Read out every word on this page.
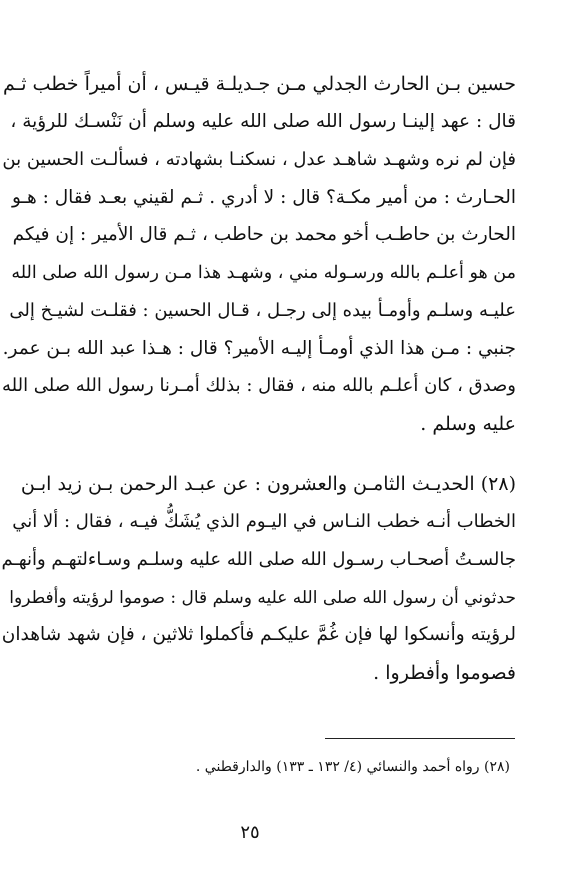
حسين بـن الحارث الجدلي مـن جـديلـة قيـس ، أن أميراً خطب ثـم
قال : عهد إلينـا رسول الله صلى الله عليه وسلم أن نَنْسـك للرؤية ،
فإن لم نره وشهـد شاهـد عدل ، نسكنـا بشهادته ، فسألـت الحسين بن
الحـارث : من أمير مكـة؟ قال : لا أدري . ثـم لقيني بعـد فقال : هـو
الحارث بن حاطـب أخو محمد بن حاطب ، ثـم قال الأمير : إن فيكم
من هو أعلـم بالله ورسـوله مني ، وشهـد هذا مـن رسول الله صلى الله
عليـه وسلـم وأومـأ بيده إلى رجـل ، قـال الحسين : فقلـت لشيـخ إلى
جنبي : مـن هذا الذي أومـأ إليـه الأمير؟ قال : هـذا عبد الله بـن عمر.
وصدق ، كان أعلـم بالله منه ، فقال : بذلك أمـرنا رسول الله صلى الله
عليه وسلم .
(٢٨) الحديـث الثامـن والعشرون : عن عبـد الرحمن بـن زيد ابـن
الخطاب أنـه خطب النـاس في اليـوم الذي يُشَكُّ فيـه ، فقال : ألا أني
جالسـتُ أصحـاب رسـول الله صلى الله عليه وسلـم وسـاءلتهـم وأنهـم
حدثوني أن رسول الله صلى الله عليه وسلم قال : صوموا لرؤيته وأفطروا
لرؤيته وأنسكوا لها فإن غُمَّ عليكـم فأكملوا ثلاثين ، فإن شهد شاهدان
فصوموا وأفطروا .
(٢٨) رواه أحمد والنسائي (٤/ ١٣٢ ـ ١٣٣) والدارقطني .
٢٥
